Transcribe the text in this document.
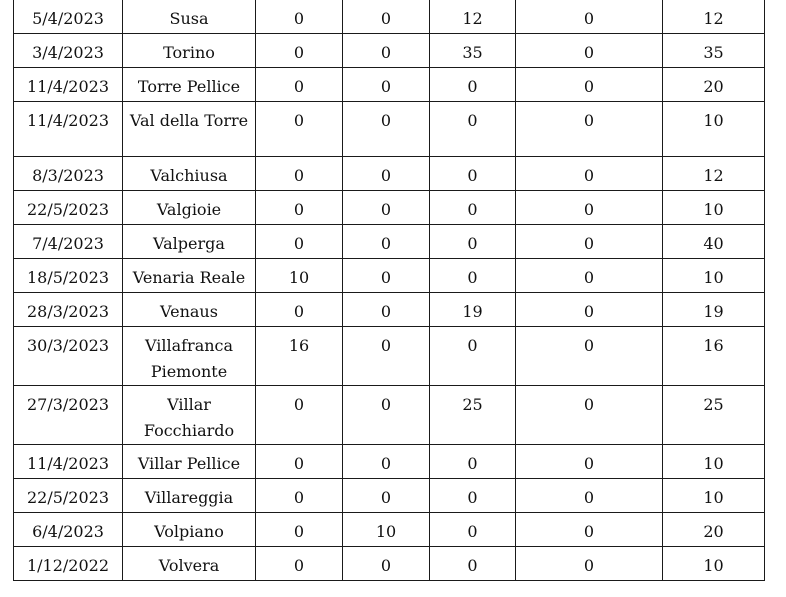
5/4/2023	Susa	0	0	12	0	12
3/4/2023	Torino	0	0	35	0	35
11/4/2023	Torre Pellice	0	0	0	0	20
11/4/2023	Val della Torre	0	0	0	0	10
8/3/2023	Valchiusa	0	0	0	0	12
22/5/2023	Valgioie	0	0	0	0	10
7/4/2023	Valperga	0	0	0	0	40
18/5/2023	Venaria Reale	10	0	0	0	10
28/3/2023	Venaus	0	0	19	0	19
30/3/2023	Villafranca Piemonte	16	0	0	0	16
27/3/2023	Villar Focchiardo	0	0	25	0	25
11/4/2023	Villar Pellice	0	0	0	0	10
22/5/2023	Villareggia	0	0	0	0	10
6/4/2023	Volpiano	0	10	0	0	20
1/12/2022	Volvera	0	0	0	0	10
